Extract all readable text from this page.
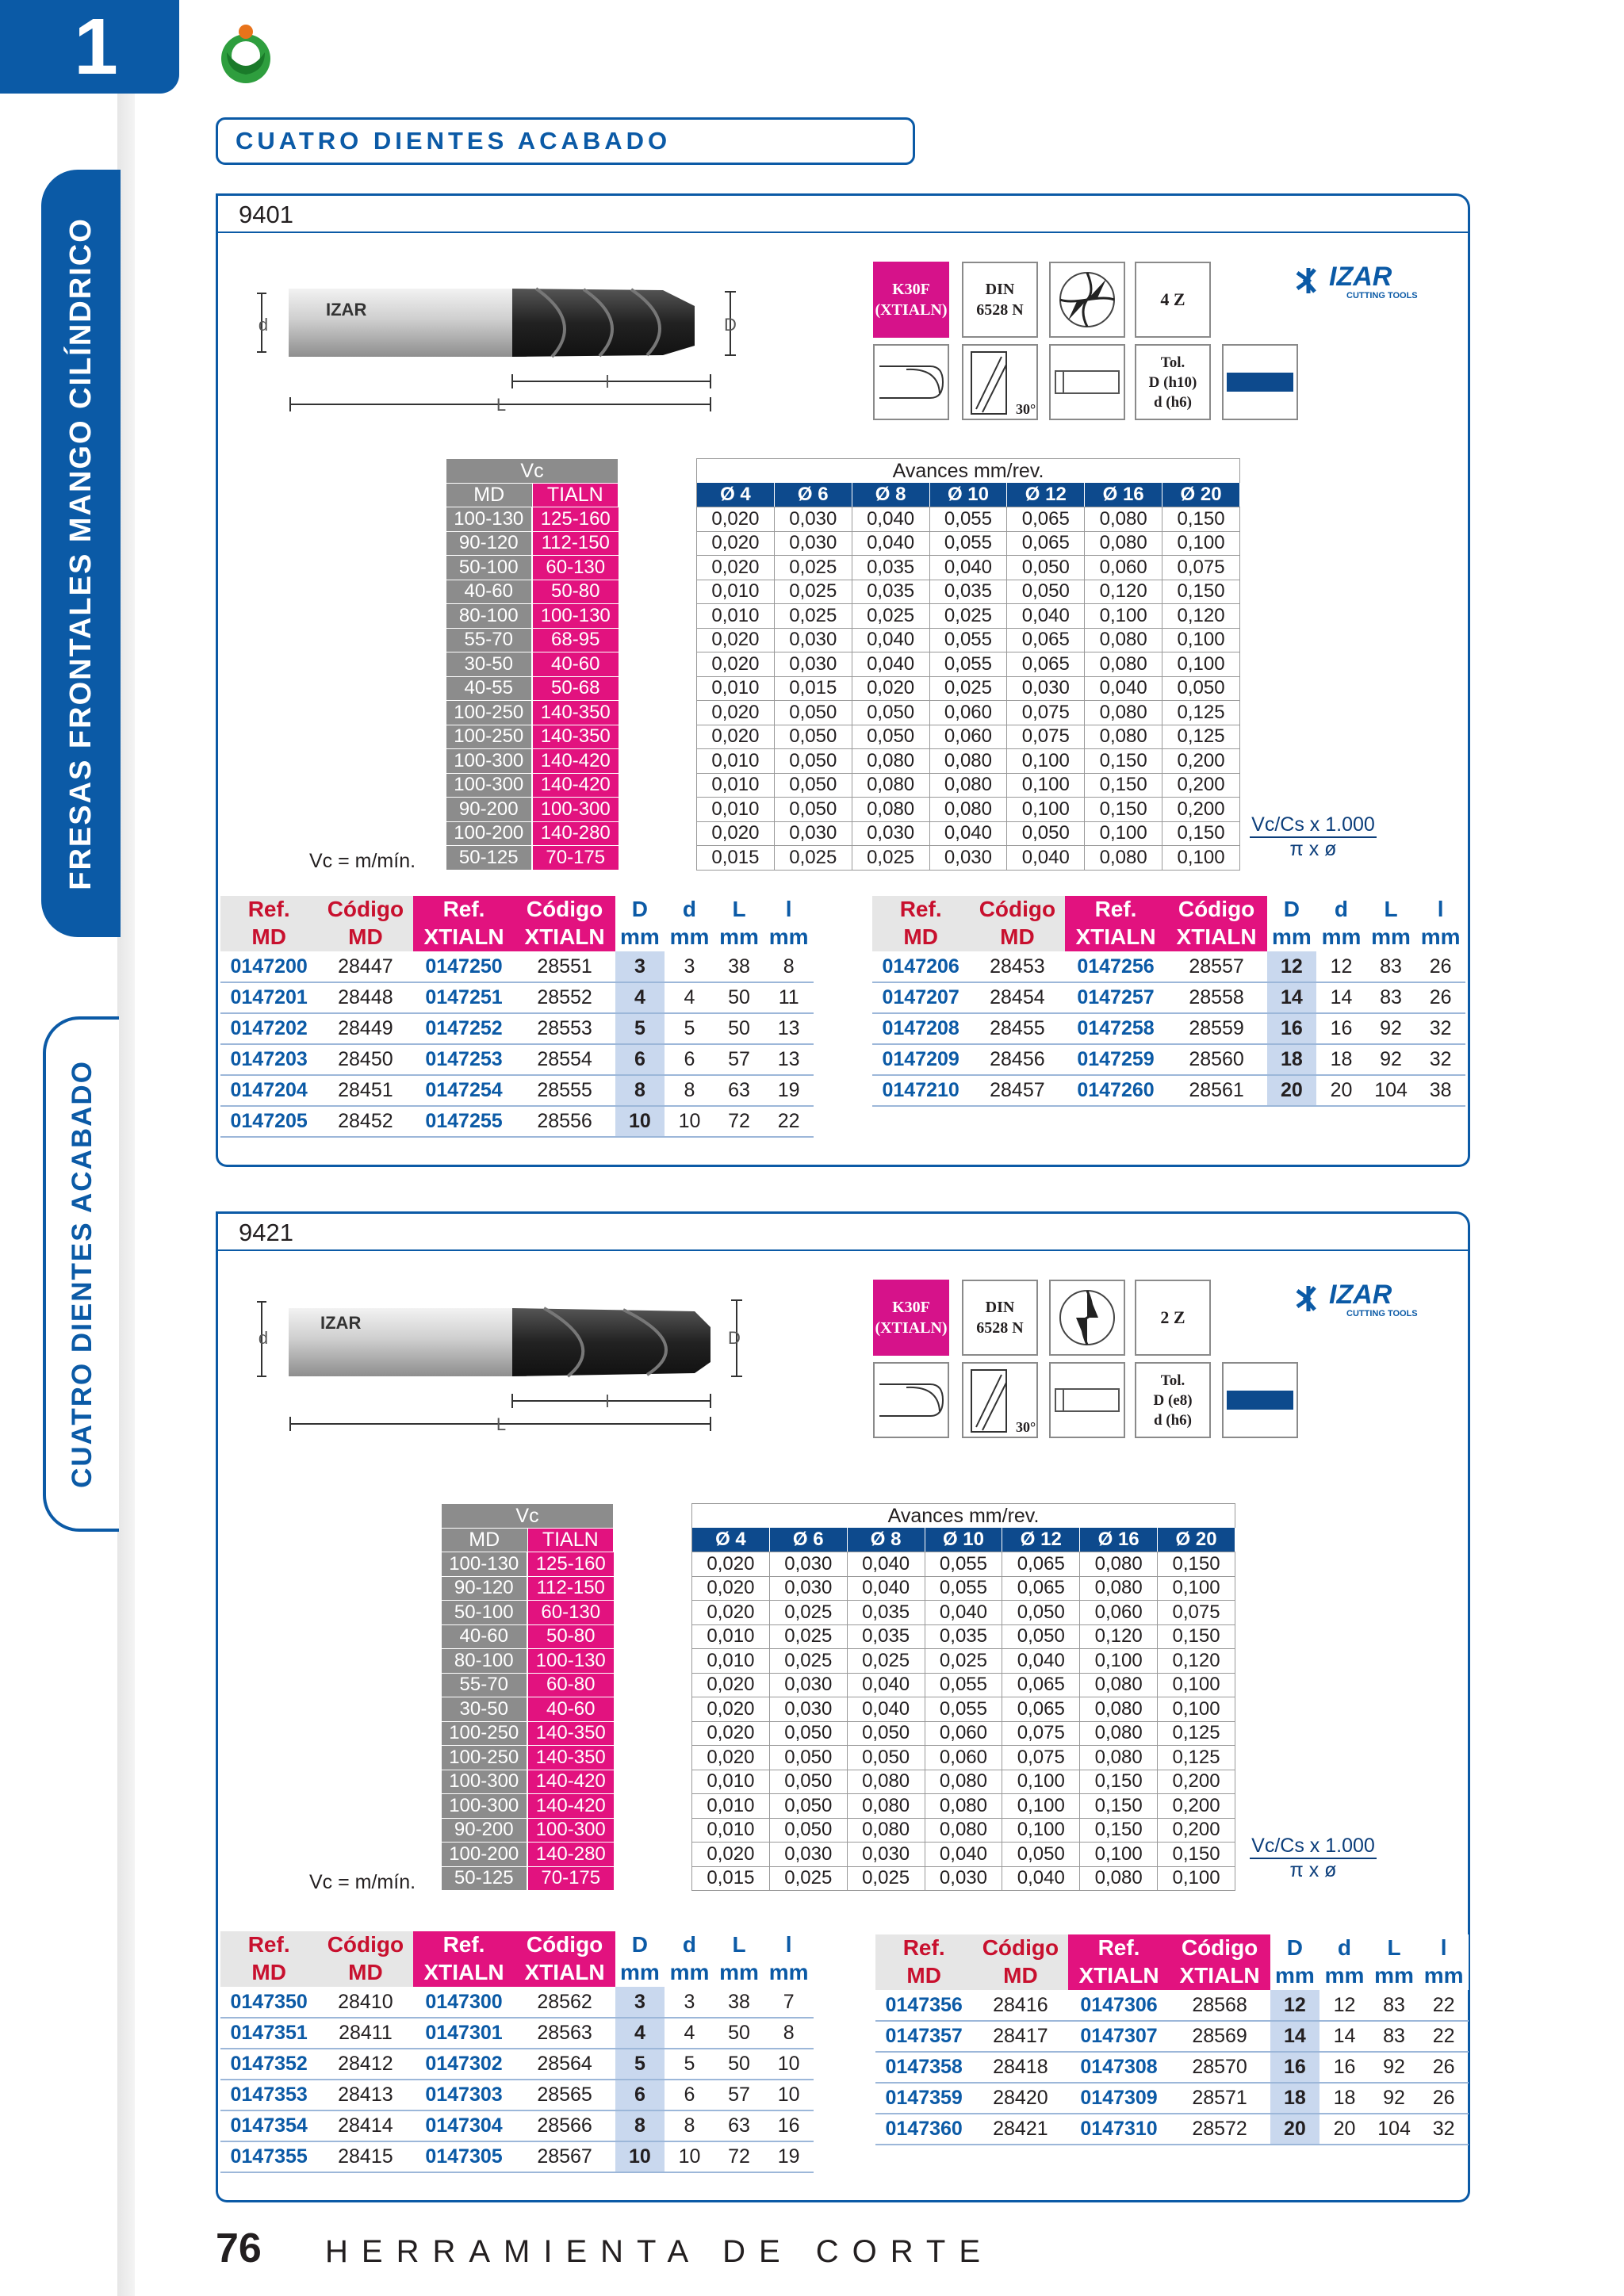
1
FRESAS FRONTALES MANGO CILÍNDRICO
CUATRO DIENTES ACABADO
CUATRO DIENTES ACABADO
9401
d	D
l
L
IZAR
K30F
(XTIALN)
DIN
6528 N
4 Z
IZAR
CUTTING TOOLS
30°
Tol.
D (h10)
d (h6)
Vc	
MD	TIALN
100-130	125-160
90-120	112-150
50-100	60-130
40-60	50-80
80-100	100-130
55-70	68-95
30-50	40-60
40-55	50-68
100-250	140-350
100-250	140-350
100-300	140-420
100-300	140-420
90-200	100-300
100-200	140-280
50-125	70-175
Vc = m/mín.
Avances mm/rev.						
Ø 4	Ø 6	Ø 8	Ø 10	Ø 12	Ø 16	Ø 20
0,020	0,030	0,040	0,055	0,065	0,080	0,150
0,020	0,030	0,040	0,055	0,065	0,080	0,100
0,020	0,025	0,035	0,040	0,050	0,060	0,075
0,010	0,025	0,035	0,035	0,050	0,120	0,150
0,010	0,025	0,025	0,025	0,040	0,100	0,120
0,020	0,030	0,040	0,055	0,065	0,080	0,100
0,020	0,030	0,040	0,055	0,065	0,080	0,100
0,010	0,015	0,020	0,025	0,030	0,040	0,050
0,020	0,050	0,050	0,060	0,075	0,080	0,125
0,020	0,050	0,050	0,060	0,075	0,080	0,125
0,010	0,050	0,080	0,080	0,100	0,150	0,200
0,010	0,050	0,080	0,080	0,100	0,150	0,200
0,010	0,050	0,080	0,080	0,100	0,150	0,200
0,020	0,030	0,030	0,040	0,050	0,100	0,150
0,015	0,025	0,025	0,030	0,040	0,080	$0,100 \frac{\text{Vc/Cs x 1.000}}{\text{π x ø}}$
Ref.	Código	Ref.	Código	D	d	L	l
MD	MD	XTIALN	XTIALN	mm	mm	mm	mm
0147200	28447	0147250	28551	3	3	38	8
0147201	28448	0147251	28552	4	4	50	11
0147202	28449	0147252	28553	5	5	50	13
0147203	28450	0147253	28554	6	6	57	13
0147204	28451	0147254	28555	8	8	63	19
0147205	28452	0147255	28556	10	10	72	22
Ref.	Código	Ref.	Código	D	d	L	l
MD	MD	XTIALN	XTIALN	mm	mm	mm	mm
0147206	28453	0147256	28557	12	12	83	26
0147207	28454	0147257	28558	14	14	83	26
0147208	28455	0147258	28559	16	16	92	32
0147209	28456	0147259	28560	18	18	92	32
0147210	28457	0147260	28561	20	20	104	38
9421
d	D
l
L
IZAR
K30F
(XTIALN)
DIN
6528 N
2 Z
IZAR
CUTTING TOOLS
30°
Tol.
D (e8)
d (h6)
Vc	
MD	TIALN
100-130	125-160
90-120	112-150
50-100	60-130
40-60	50-80
80-100	100-130
55-70	60-80
30-50	40-60
100-250	140-350
100-250	140-350
100-300	140-420
100-300	140-420
90-200	100-300
100-200	140-280
50-125	70-175
Vc = m/mín.
Avances mm/rev.						
Ø 4	Ø 6	Ø 8	Ø 10	Ø 12	Ø 16	Ø 20
0,020	0,030	0,040	0,055	0,065	0,080	0,150
0,020	0,030	0,040	0,055	0,065	0,080	0,100
0,020	0,025	0,035	0,040	0,050	0,060	0,075
0,010	0,025	0,035	0,035	0,050	0,120	0,150
0,010	0,025	0,025	0,025	0,040	0,100	0,120
0,020	0,030	0,040	0,055	0,065	0,080	0,100
0,020	0,030	0,040	0,055	0,065	0,080	0,100
0,020	0,050	0,050	0,060	0,075	0,080	0,125
0,020	0,050	0,050	0,060	0,075	0,080	0,125
0,010	0,050	0,080	0,080	0,100	0,150	0,200
0,010	0,050	0,080	0,080	0,100	0,150	0,200
0,010	0,050	0,080	0,080	0,100	0,150	0,200
0,020	0,030	0,030	0,040	0,050	0,100	0,150
0,015	0,025	0,025	0,030	0,040	0,080	$0,100 \frac{\text{Vc/Cs x 1.000}}{\text{π x ø}}$
Ref.	Código	Ref.	Código	D	d	L	l
MD	MD	XTIALN	XTIALN	mm	mm	mm	mm
0147350	28410	0147300	28562	3	3	38	7
0147351	28411	0147301	28563	4	4	50	8
0147352	28412	0147302	28564	5	5	50	10
0147353	28413	0147303	28565	6	6	57	10
0147354	28414	0147304	28566	8	8	63	16
0147355	28415	0147305	28567	10	10	72	19
Ref.	Código	Ref.	Código	D	d	L	l
MD	MD	XTIALN	XTIALN	mm	mm	mm	mm
0147356	28416	0147306	28568	12	12	83	22
0147357	28417	0147307	28569	14	14	83	22
0147358	28418	0147308	28570	16	16	92	26
0147359	28420	0147309	28571	18	18	92	26
0147360	28421	0147310	28572	20	20	104	32
76 HERRAMIENTA DE CORTE
